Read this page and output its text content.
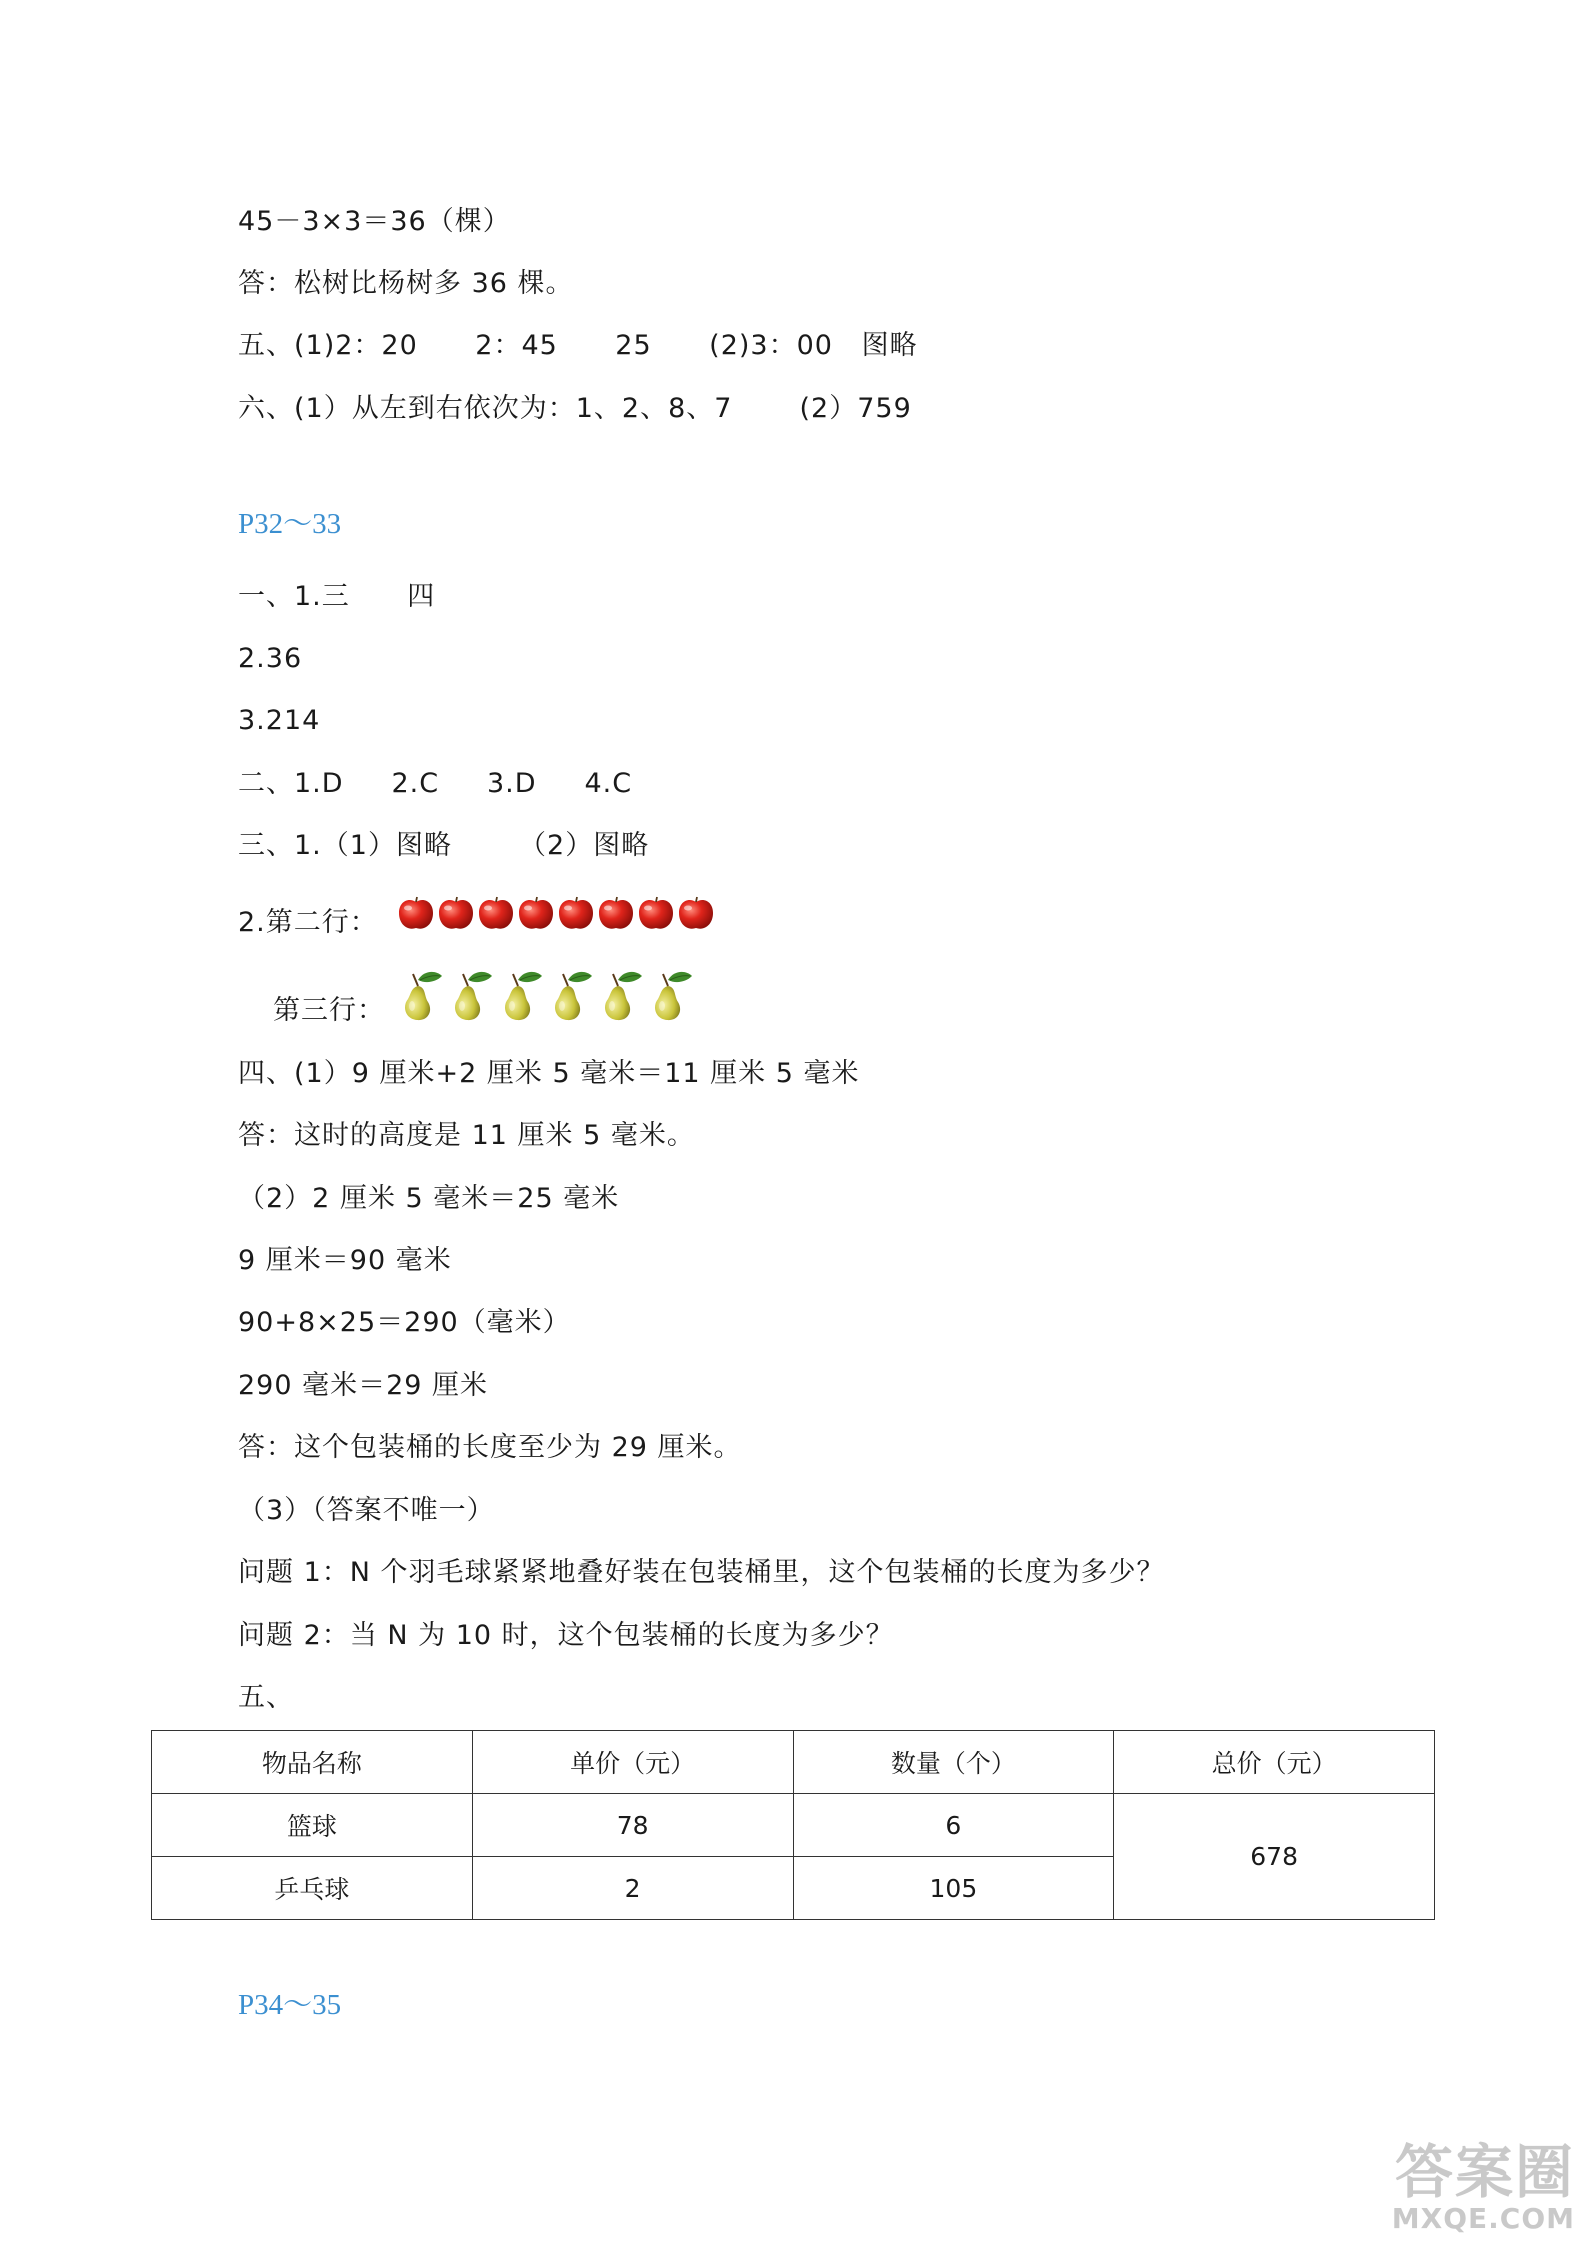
45－3×3＝36（棵）
答：松树比杨树多 36 棵。
五、(1)2：20      2：45      25      (2)3：00   图略
六、(1）从左到右依次为：1、2、8、7       (2）759
P32～33
一、1.三      四
2.36
3.214
二、1.D     2.C     3.D     4.C
三、1.（1）图略       （2）图略
2.第二行：
第三行：
四、(1）9 厘米+2 厘米 5 毫米＝11 厘米 5 毫米
答：这时的高度是 11 厘米 5 毫米。
（2）2 厘米 5 毫米＝25 毫米
9 厘米＝90 毫米
90+8×25＝290（毫米）
290 毫米＝29 厘米
答：这个包装桶的长度至少为 29 厘米。
（3）（答案不唯一）
问题 1：N 个羽毛球紧紧地叠好装在包装桶里，这个包装桶的长度为多少？
问题 2：当 N 为 10 时，这个包装桶的长度为多少？
五、
物品名称	单价（元）	数量（个）	总价（元）
篮球	78	6	678
乒乓球	2	105	
P34～35
答案圈
MXQE.COM
